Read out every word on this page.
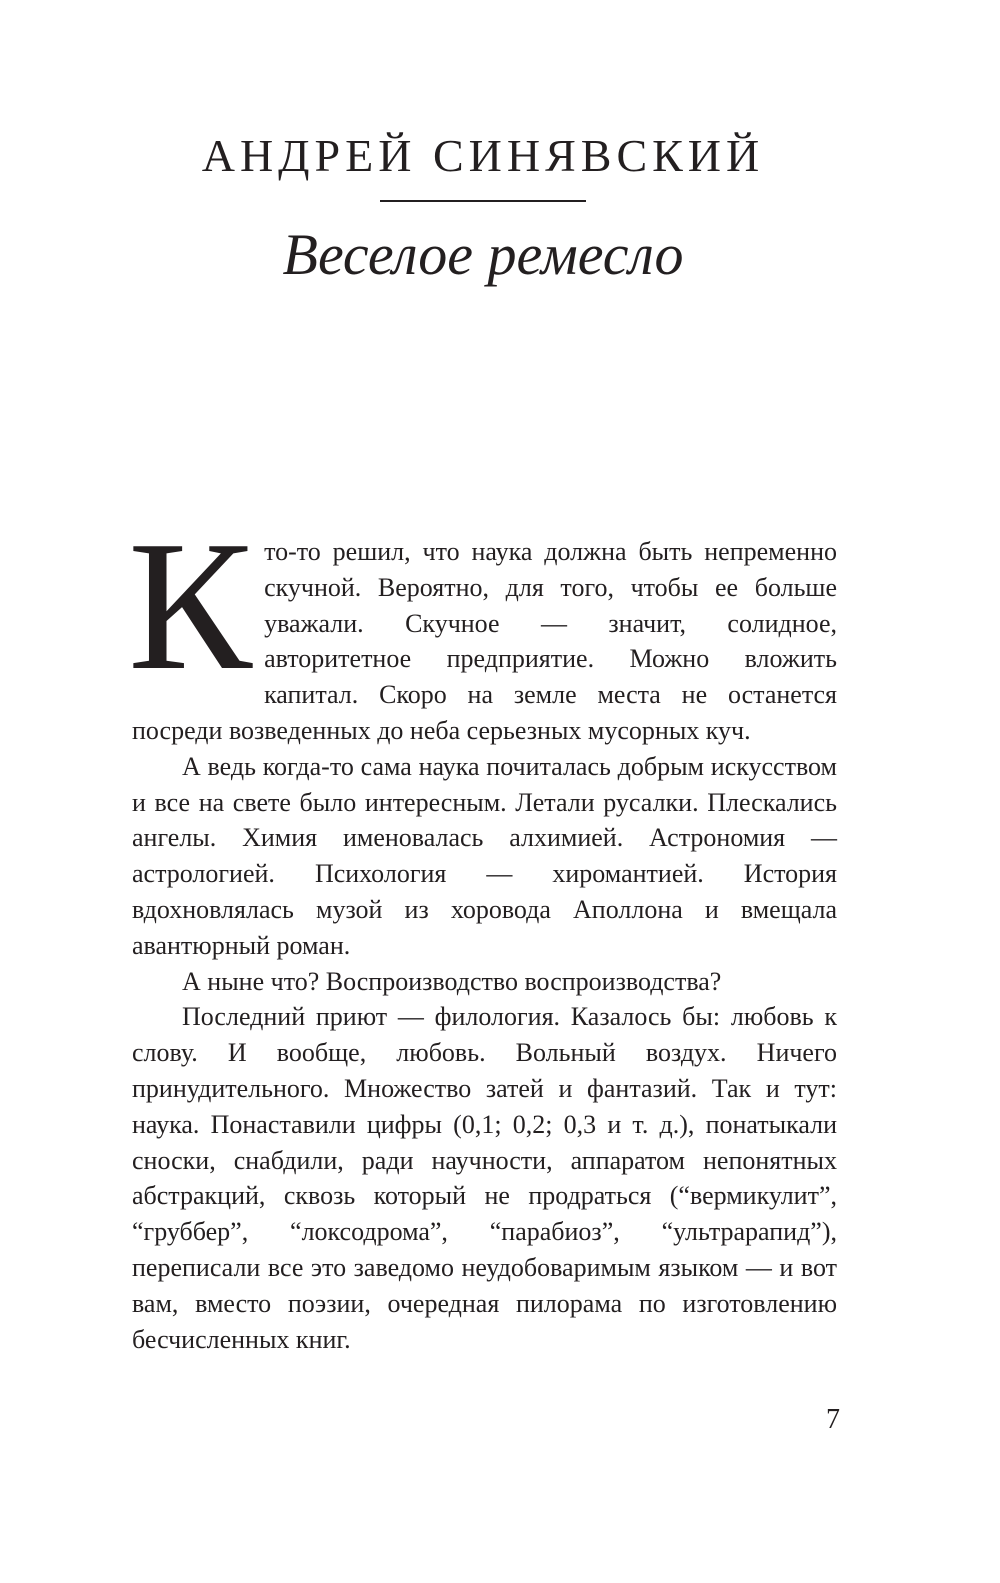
АНДРЕЙ СИНЯВСКИЙ
Веселое ремесло

Кто-то решил, что наука должна быть непременно скучной. Вероятно, для того, чтобы ее больше уважали. Скучное — значит, солидное, авторитетное предприятие. Можно вложить капитал. Скоро на земле места не останется посреди возведенных до неба серьезных мусорных куч.

А ведь когда-то сама наука почиталась добрым искусством и все на свете было интересным. Летали русалки. Плескались ангелы. Химия именовалась алхимией. Астрономия — астрологией. Психология — хиромантией. История вдохновлялась музой из хоровода Аполлона и вмещала авантюрный роман.

А ныне что? Воспроизводство воспроизводства?

Последний приют — филология. Казалось бы: любовь к слову. И вообще, любовь. Вольный воздух. Ничего принудительного. Множество затей и фантазий. Так и тут: наука. Понаставили цифры (0,1; 0,2; 0,3 и т. д.), понатыкали сноски, снабдили, ради научности, аппаратом непонятных абстракций, сквозь который не продраться (“вермикулит”, “груббер”, “локсодрома”, “парабиоз”, “ультрарапид”), переписали все это заведомо неудобоваримым языком — и вот вам, вместо поэзии, очередная пилорама по изготовлению бесчисленных книг.

7
